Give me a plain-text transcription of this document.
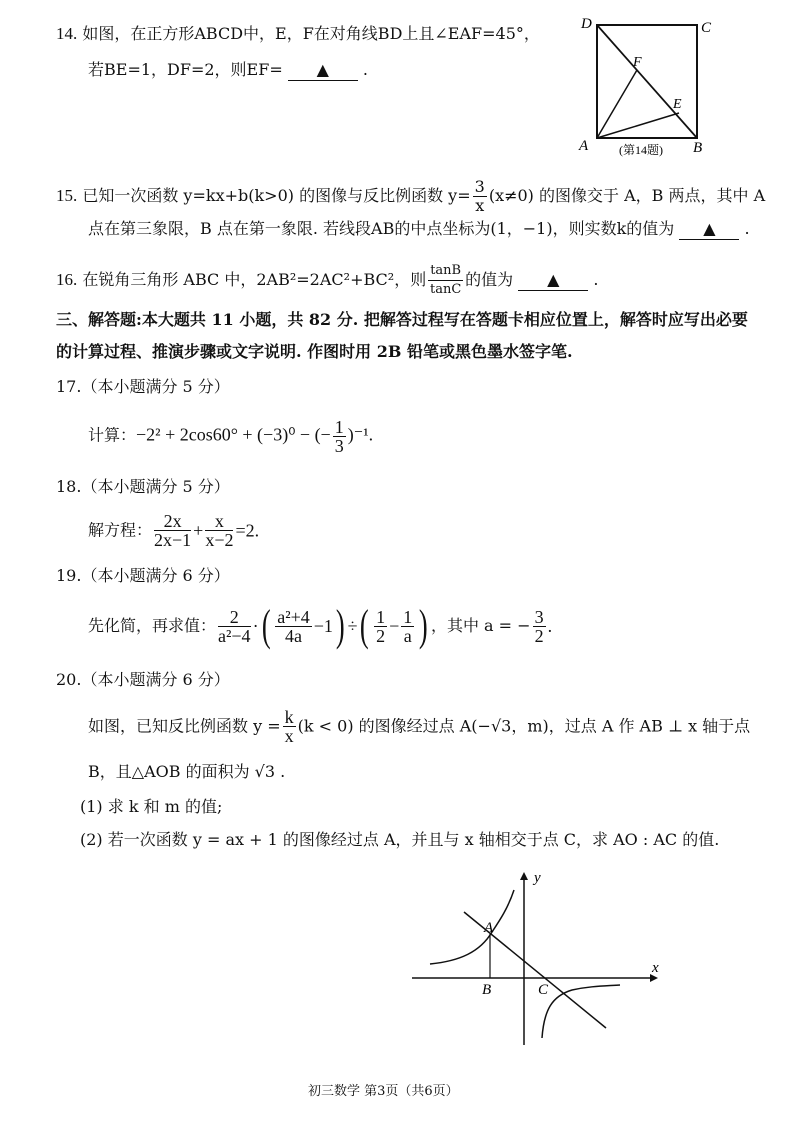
14. 如图，在正方形ABCD中，E，F在对角线BD上且∠EAF=45°，
若BE=1，DF=2，则EF= ▲ .
D	C
A	B
E
F
(第14题)
15. 已知一次函数 y=kx+b(k>0) 的图像与反比例函数 $y= \frac{3}{x} (x\ne 0)$ 的图像交于 A，B 两点，其中 A
点在第三象限，B 点在第一象限. 若线段AB的中点坐标为(1，−1)，则实数k的值为 ▲ .
16. 在锐角三角形 ABC 中，2AB²=2AC²+BC²，则 $\frac{\tan B}{\tan C}$ 的值为 ▲ .
三、解答题:本大题共 11 小题，共 82 分. 把解答过程写在答题卡相应位置上，解答时应写出必要
的计算过程、推演步骤或文字说明. 作图时用 2B 铅笔或黑色墨水签字笔.
17.（本小题满分 5 分）
计算：−2² + 2cos60° + (−3)⁰ − (− $\frac{1}{3} )^{-1}$.
18.（本小题满分 5 分）
解方程： $\frac{2x}{2x-1} + \frac{x}{x-2} =2$.
19.（本小题满分 6 分）
先化简，再求值： $\frac{2}{\text{a²−4}}$ ·( $\frac{\text{a²+4}}{4a} -1$) ÷( $\frac{1}{2} - \frac{1}{a}$ ) ，其中 a = − $\frac{3}{2}$ .
20.（本小题满分 6 分）
如图，已知反比例函数 $y = \frac{k}{x} (k < 0)$ 的图像经过点 A(−√3，m)，过点 A 作 AB ⊥ x 轴于点
B，且△AOB 的面积为 √3 .
(1) 求 k 和 m 的值;
(2) 若一次函数 y = ax + 1 的图像经过点 A，并且与 x 轴相交于点 C，求 AO : AC 的值.
A
B	C
y
x
初三数学 第3页（共6页）
